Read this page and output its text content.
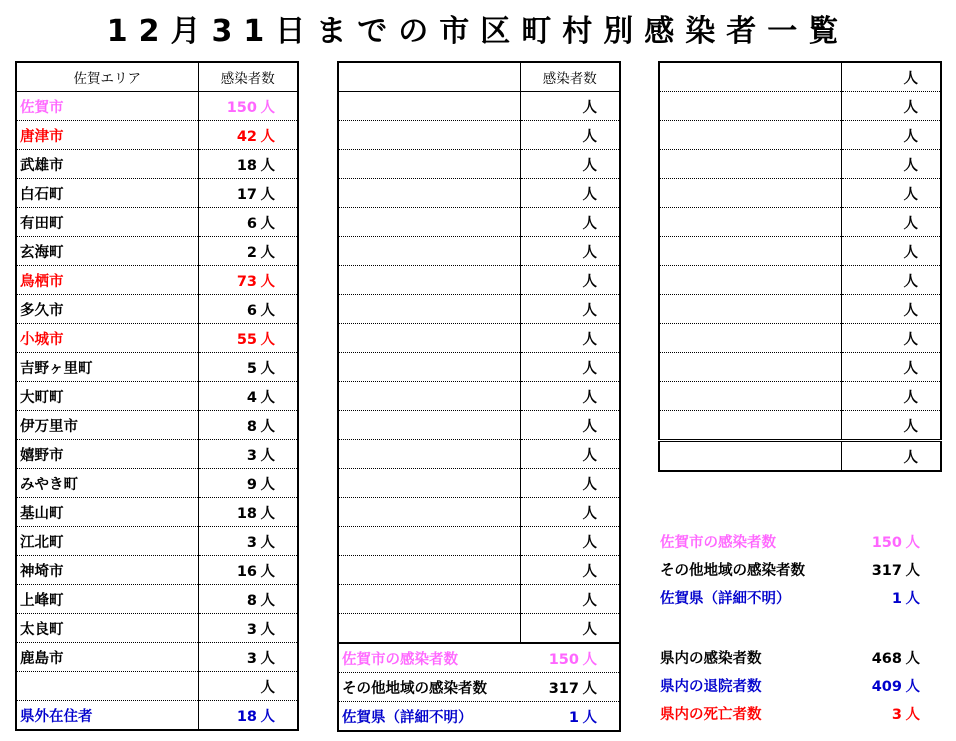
12月31日までの市区町村別感染者一覧
佐賀エリア	感染者数
佐賀市	150 人
唐津市	42 人
武雄市	18 人
白石町	17 人
有田町	6 人
玄海町	2 人
鳥栖市	73 人
多久市	6 人
小城市	55 人
吉野ヶ里町	5 人
大町町	4 人
伊万里市	8 人
嬉野市	3 人
みやき町	9 人
基山町	18 人
江北町	3 人
神埼市	16 人
上峰町	8 人
太良町	3 人
鹿島市	3 人
	人
県外在住者	18 人
	感染者数
	人
	人
	人
	人
	人
	人
	人
	人
	人
	人
	人
	人
	人
	人
	人
	人
	人
	人
	人
佐賀市の感染者数	150 人
その他地域の感染者数	317 人
佐賀県（詳細不明）	1 人
	人
	人
	人
	人
	人
	人
	人
	人
	人
	人
	人
	人
	人
	人
佐賀市の感染者数	150 人
その他地域の感染者数	317 人
佐賀県（詳細不明）	1 人
県内の感染者数	468 人
県内の退院者数	409 人
県内の死亡者数	3 人
